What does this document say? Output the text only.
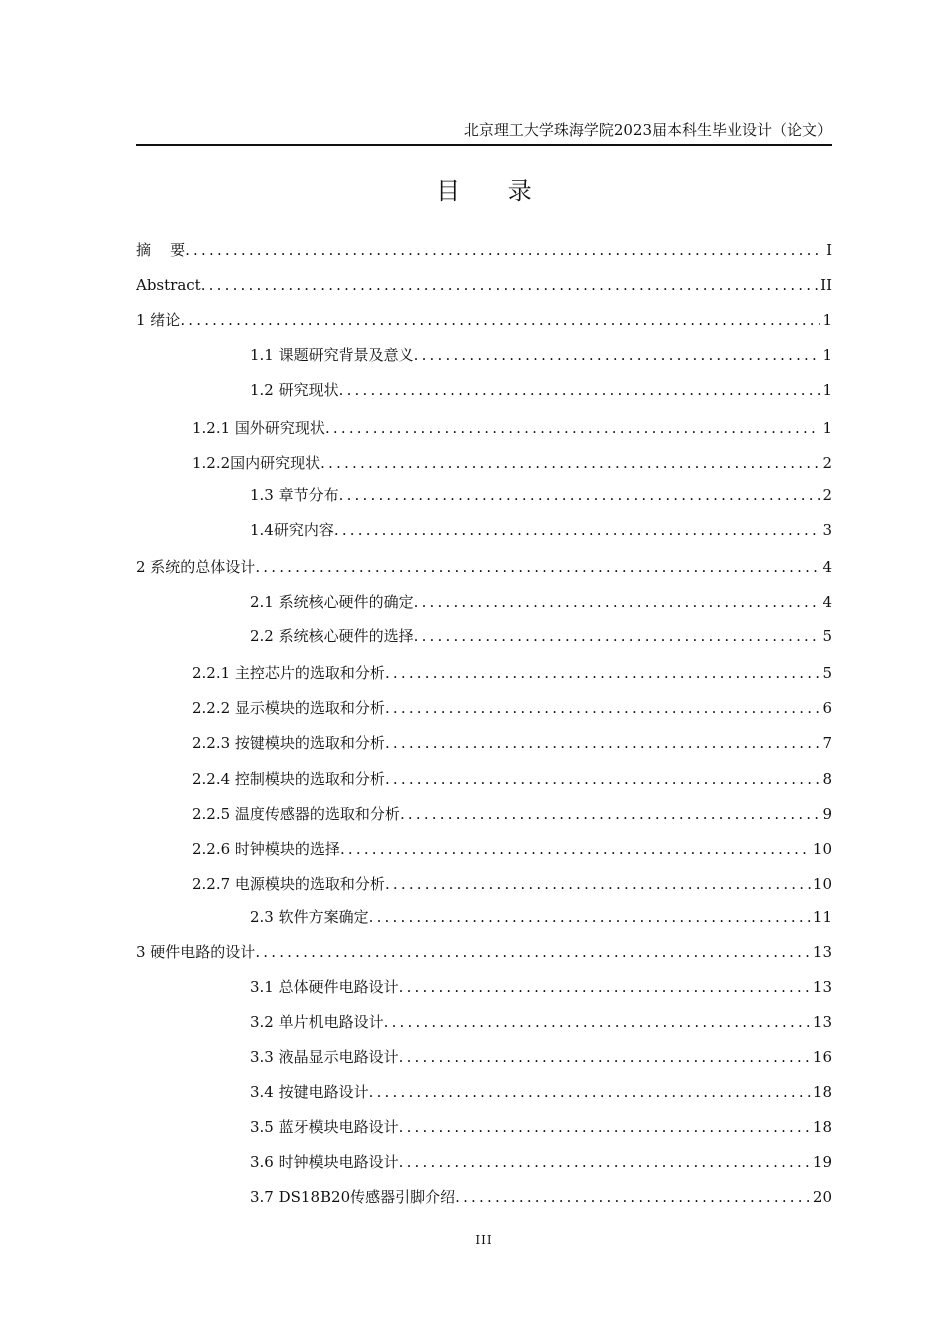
北京理工大学珠海学院2023届本科生毕业设计（论文）
目 录
摘    要 .....	I
Abstract .....	II
1 绪论 .....	1
1.1 课题研究背景及意义 .....	1
1.2 研究现状 .....	1
1.2.1 国外研究现状 .....	1
1.2.2国内研究现状 .....	2
1.3 章节分布 .....	2
1.4研究内容 .....	3
2 系统的总体设计 .....	4
2.1 系统核心硬件的确定 .....	4
2.2 系统核心硬件的选择 .....	5
2.2.1 主控芯片的选取和分析 .....	5
2.2.2 显示模块的选取和分析 .....	6
2.2.3 按键模块的选取和分析 .....	7
2.2.4 控制模块的选取和分析 .....	8
2.2.5 温度传感器的选取和分析 .....	9
2.2.6 时钟模块的选择 .....	10
2.2.7 电源模块的选取和分析 .....	10
2.3 软件方案确定 .....	11
3 硬件电路的设计 .....	13
3.1 总体硬件电路设计 .....	13
3.2 单片机电路设计 .....	13
3.3 液晶显示电路设计 .....	16
3.4 按键电路设计 .....	18
3.5 蓝牙模块电路设计 .....	18
3.6 时钟模块电路设计 .....	19
3.7 DS18B20传感器引脚介绍 .....	20
III
